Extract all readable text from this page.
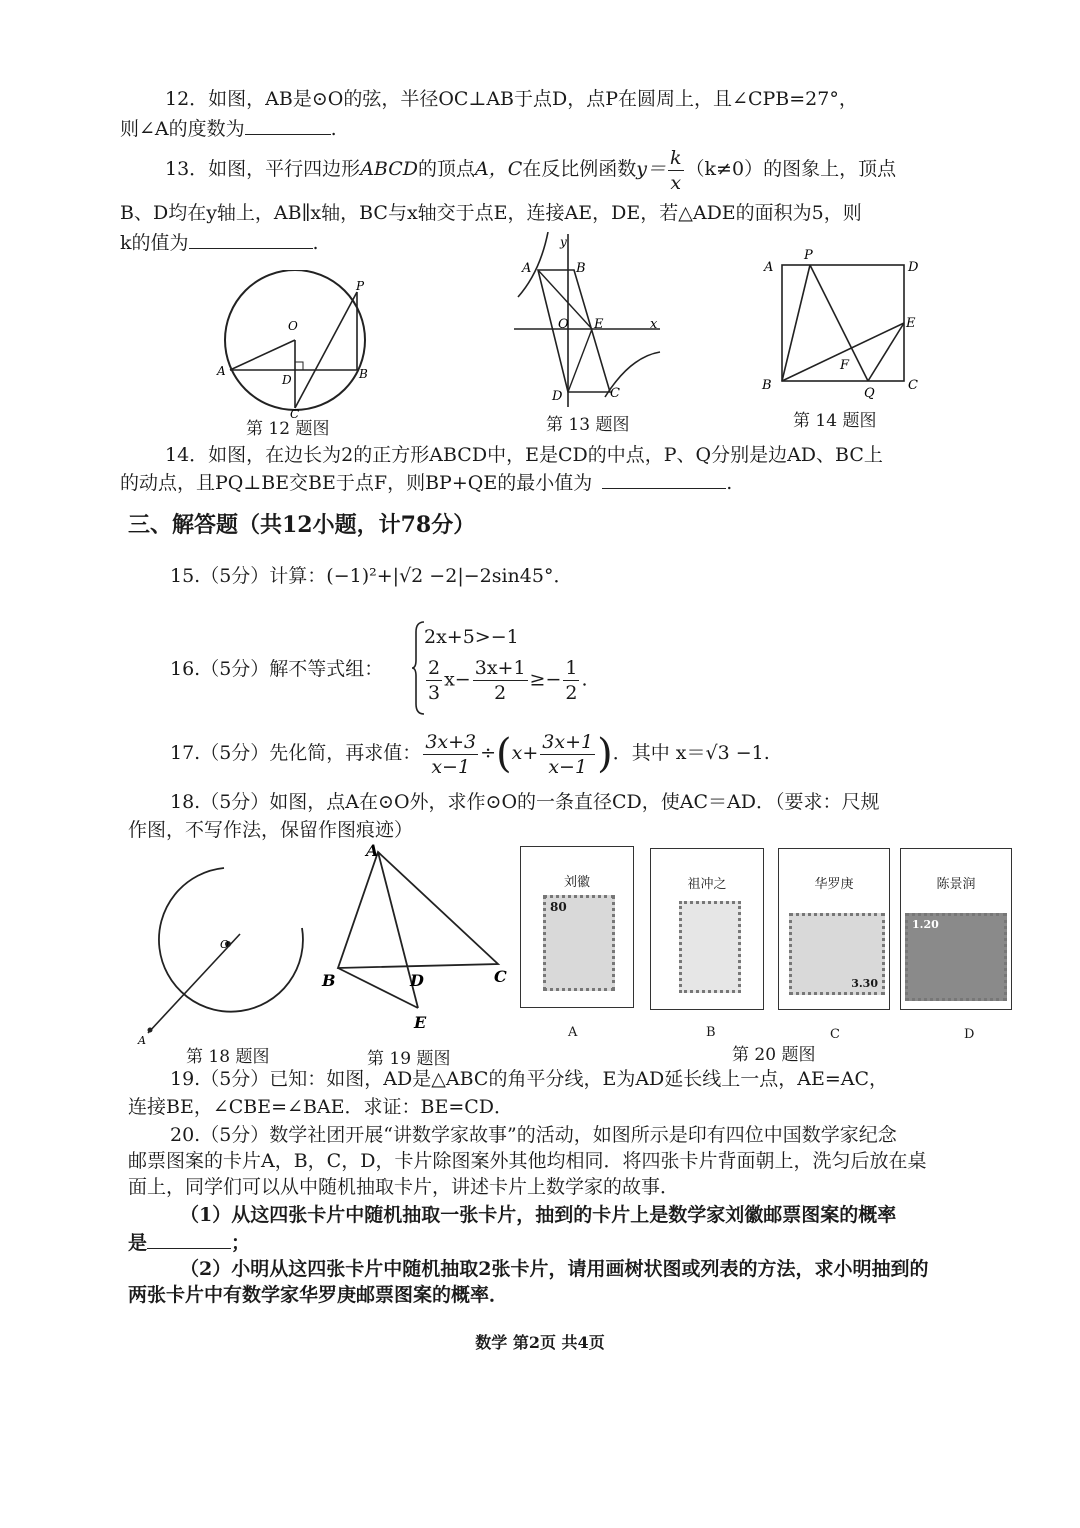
12．如图，AB是⊙O的弦，半径OC⊥AB于点D，点P在圆周上，且∠CPB=27°，
则∠A的度数为	.
13．如图，平行四边形ABCD的顶点A，C在反比例函数$y= \frac{k}{x} (k\ne 0)$的图象上，顶点
B、D均在y轴上，AB∥x轴，BC与x轴交于点E，连接AE，DE，若△ADE的面积为5，则
k的值为	.
P
O
A
D	B
C
第 12 题图
y
A	B
O E	x
D	C
第 13 题图
A
P
D
E
F
B
Q
C
第 14 题图
14．如图，在边长为2的正方形ABCD中，E是CD的中点，P、Q分别是边AD、BC上
的动点，且PQ⊥BE交BE于点F，则BP+QE的最小值为	.
三、解答题（共12小题，计78分）
15.（5分）计算：(−1)²+|√2 −2|−2sin45°．
16.（5分）解不等式组：
2x+5>−1
$\frac{2}{3} x- \frac{3x+1}{2} \ge- \frac{1}{2}$ .
17.（5分）先化简，再求值： $\frac{3x+3}{x-1} \div(x+ \frac{3x+1}{x-1}$ )．其中 x＝√3 −1.
18.（5分）如图，点A在⊙O外，求作⊙O的一条直径CD，使AC＝AD．（要求：尺规
作图，不写作法，保留作图痕迹）
O
A
第 18 题图
A
B	D	C
E
第 19 题图
刘徽
80
A
祖冲之
B
华罗庚
3.30
C
陈景润
1.20
D
第 20 题图
19.（5分）已知：如图，AD是△ABC的角平分线，E为AD延长线上一点，AE=AC，
连接BE，∠CBE=∠BAE．求证：BE=CD．
20.（5分）数学社团开展“讲数学家故事”的活动，如图所示是印有四位中国数学家纪念
邮票图案的卡片A，B，C，D，卡片除图案外其他均相同．将四张卡片背面朝上，洗匀后放在桌
面上，同学们可以从中随机抽取卡片，讲述卡片上数学家的故事．
（1）从这四张卡片中随机抽取一张卡片，抽到的卡片上是数学家刘徽邮票图案的概率
是	；
（2）小明从这四张卡片中随机抽取2张卡片，请用画树状图或列表的方法，求小明抽到的
两张卡片中有数学家华罗庚邮票图案的概率．
数学 第2页 共4页
